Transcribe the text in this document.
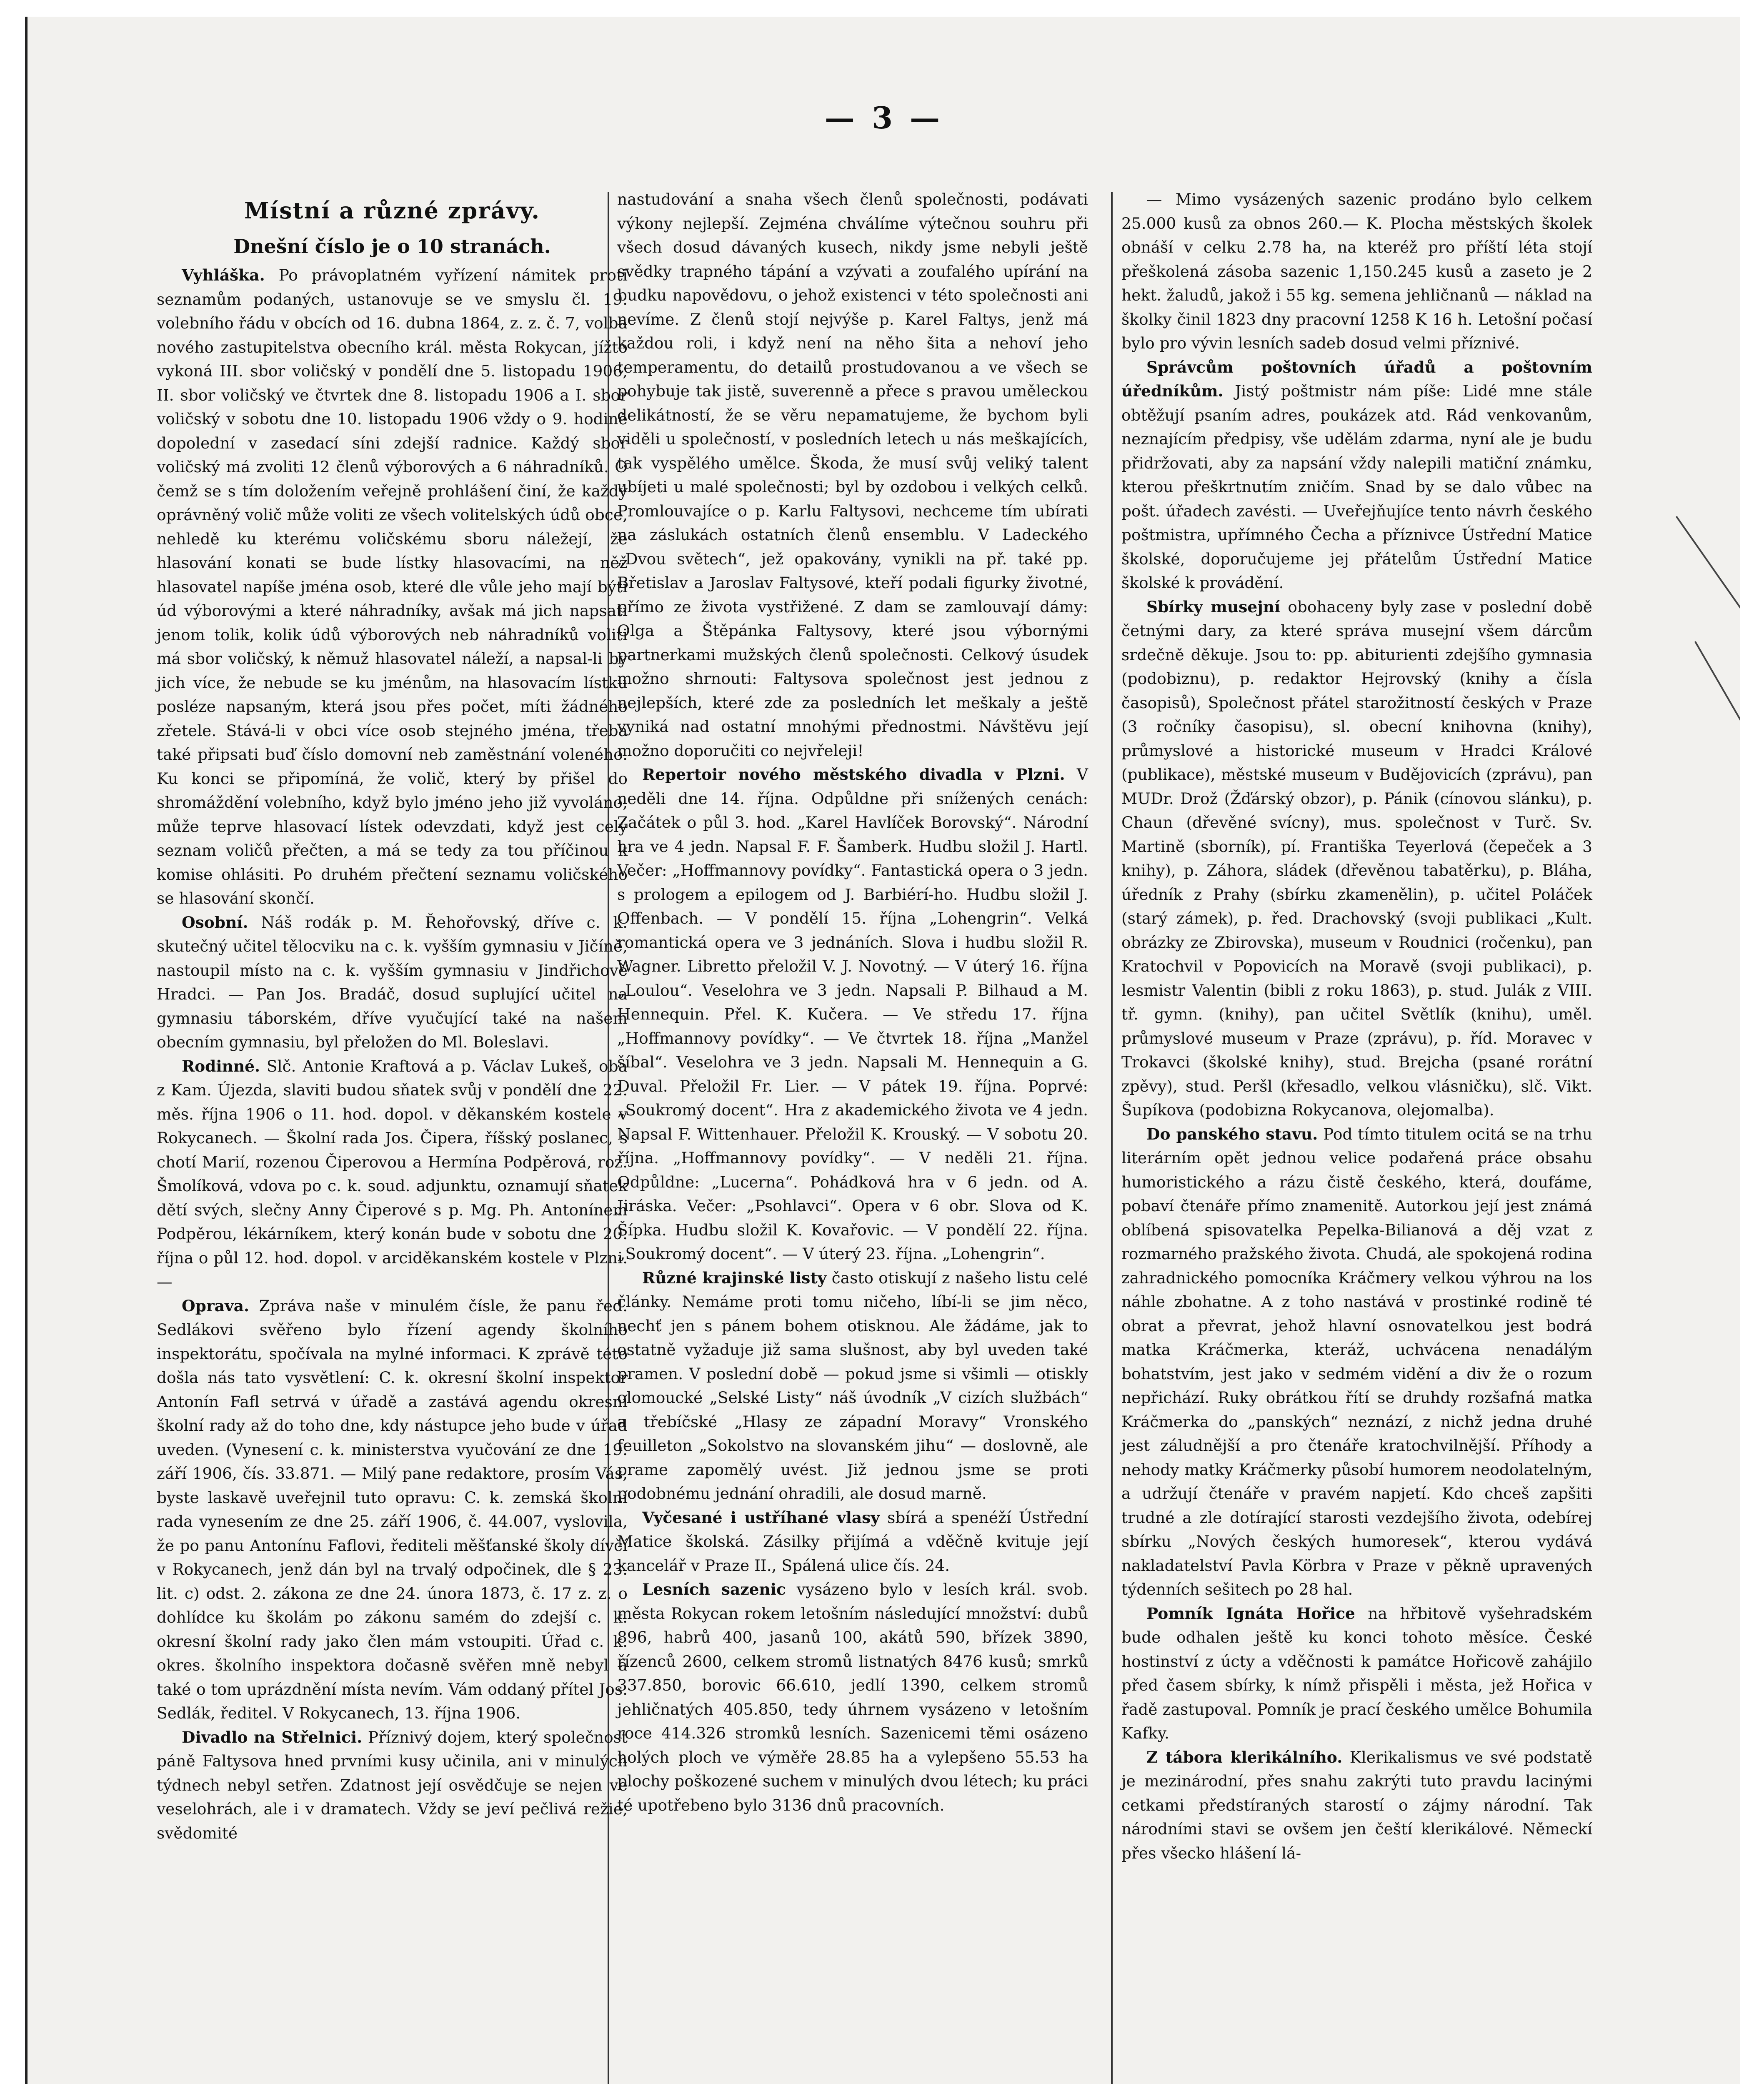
— 3 —
Místní a různé zprávy.
Dnešní číslo je o 10 stranách.

Vyhláška. Po právoplatném vyřízení námitek proti seznamům podaných, ustanovuje se ve smyslu čl. 19. volebního řádu v obcích od 16. dubna 1864, z. z. č. 7, volba nového zastupitelstva obecního král. města Rokycan, jížto vykoná III. sbor voličský v pondělí dne 5. listopadu 1906, II. sbor voličský ve čtvrtek dne 8. listopadu 1906 a I. sbor voličský v sobotu dne 10. listopadu 1906 vždy o 9. hodině dopolední v zasedací síni zdejší radnice. Každý sbor voličský má zvoliti 12 členů výborových a 6 náhradníků. O čemž se s tím doložením veřejně prohlášení činí, že každý oprávněný volič může voliti ze všech volitelských údů obce, nehledě ku kterému voličskému sboru náležejí, že hlasování konati se bude lístky hlasovacími, na něž hlasovatel napíše jména osob, které dle vůle jeho mají býti úd výborovými a které náhradníky, avšak má jich napsati jenom tolik, kolik údů výborových neb náhradníků voliti má sbor voličský, k němuž hlasovatel náleží, a napsal-li by jich více, že nebude se ku jménům, na hlasovacím lístku posléze napsaným, která jsou přes počet, míti žádného zřetele. Stává-li v obci více osob stejného jména, třeba také připsati buď číslo domovní neb zaměstnání voleného. Ku konci se připomíná, že volič, který by přišel do shromáždění volebního, když bylo jméno jeho již vyvoláno, může teprve hlasovací lístek odevzdati, když jest celý seznam voličů přečten, a má se tedy za tou příčinou k komise ohlásiti. Po druhém přečtení seznamu voličského se hlasování skončí.

Osobní. Náš rodák p. M. Řehořovský, dříve c. k. skutečný učitel tělocviku na c. k. vyšším gymnasiu v Jičíně, nastoupil místo na c. k. vyšším gymnasiu v Jindřichově Hradci. — Pan Jos. Bradáč, dosud suplující učitel na gymnasiu táborském, dříve vyučující také na našem obecním gymnasiu, byl přeložen do Ml. Boleslavi.

Rodinné. Slč. Antonie Kraftová a p. Václav Lukeš, oba z Kam. Újezda, slaviti budou sňatek svůj v pondělí dne 22. měs. října 1906 o 11. hod. dopol. v děkanském kostele v Rokycanech. — Školní rada Jos. Čipera, říšský poslanec, s chotí Marií, rozenou Čiperovou a Hermína Podpěrová, roz. Šmolíková, vdova po c. k. soud. adjunktu, oznamují sňatek dětí svých, slečny Anny Čiperové s p. Mg. Ph. Antonínem Podpěrou, lékárníkem, který konán bude v sobotu dne 20. října o půl 12. hod. dopol. v arciděkanském kostele v Plzni. —

Oprava. Zpráva naše v minulém čísle, že panu řed. Sedlákovi svěřeno bylo řízení agendy školního inspektorátu, spočívala na mylné informaci. K zprávě této došla nás tato vysvětlení: C. k. okresní školní inspektor Antonín Fafl setrvá v úřadě a zastává agendu okresní školní rady až do toho dne, kdy nástupce jeho bude v úřad uveden. (Vynesení c. k. ministerstva vyučování ze dne 19. září 1906, čís. 33.871. — Milý pane redaktore, prosím Vás, byste laskavě uveřejnil tuto opravu: C. k. zemská školní rada vynesením ze dne 25. září 1906, č. 44.007, vyslovila, že po panu Antonínu Faflovi, řediteli měšťanské školy dívčí v Rokycanech, jenž dán byl na trvalý odpočinek, dle § 23. lit. c) odst. 2. zákona ze dne 24. února 1873, č. 17 z. z. o dohlídce ku školám po zákonu samém do zdejší c. k. okresní školní rady jako člen mám vstoupiti. Úřad c. k. okres. školního inspektora dočasně svěřen mně nebyl a také o tom uprázdnění místa nevím. Vám oddaný přítel Jos. Sedlák, ředitel. V Rokycanech, 13. října 1906.

Divadlo na Střelnici. Příznivý dojem, který společnost páně Faltysova hned prvními kusy učinila, ani v minulých týdnech nebyl setřen. Zdatnost její osvědčuje se nejen ve veselohrách, ale i v dramatech. Vždy se jeví pečlivá režie, svědomité

nastudování a snaha všech členů společnosti, podávati výkony nejlepší. Zejména chválíme výtečnou souhru při všech dosud dávaných kusech, nikdy jsme nebyli ještě svědky trapného tápání a vzývati a zoufalého upírání na budku napovědovu, o jehož existenci v této společnosti ani nevíme. Z členů stojí nejvýše p. Karel Faltys, jenž má každou roli, i když není na něho šita a nehoví jeho temperamentu, do detailů prostudovanou a ve všech se pohybuje tak jistě, suverenně a přece s pravou uměleckou delikátností, že se věru nepamatujeme, že bychom byli viděli u společností, v posledních letech u nás meškajících, tak vyspělého umělce. Škoda, že musí svůj veliký talent ubíjeti u malé společnosti; byl by ozdobou i velkých celků. Promlouvajíce o p. Karlu Faltysovi, nechceme tím ubírati na záslukách ostatních členů ensemblu. V Ladeckého „Dvou světech“, jež opakovány, vynikli na př. také pp. Břetislav a Jaroslav Faltysové, kteří podali figurky životné, přímo ze života vystřižené. Z dam se zamlouvají dámy: Olga a Štěpánka Faltysovy, které jsou výbornými partnerkami mužských členů společnosti. Celkový úsudek možno shrnouti: Faltysova společnost jest jednou z nejlepších, které zde za posledních let meškaly a ještě vyniká nad ostatní mnohými přednostmi. Návštěvu její možno doporučiti co nejvřeleji!

Repertoir nového městského divadla v Plzni. V neděli dne 14. října. Odpůldne při snížených cenách: Začátek o půl 3. hod. „Karel Havlíček Borovský“. Národní hra ve 4 jedn. Napsal F. F. Šamberk. Hudbu složil J. Hartl. Večer: „Hoffmannovy povídky“. Fantastická opera o 3 jedn. s prologem a epilogem od J. Barbiérí-ho. Hudbu složil J. Offenbach. — V pondělí 15. října „Lohengrin“. Velká romantická opera ve 3 jednáních. Slova i hudbu složil R. Wagner. Libretto přeložil V. J. Novotný. — V úterý 16. října „Loulou“. Veselohra ve 3 jedn. Napsali P. Bilhaud a M. Hennequin. Přel. K. Kučera. — Ve středu 17. října „Hoffmannovy povídky“. — Ve čtvrtek 18. října „Manžel šíbal“. Veselohra ve 3 jedn. Napsali M. Hennequin a G. Duval. Přeložil Fr. Lier. — V pátek 19. října. Poprvé: „Soukromý docent“. Hra z akademického života ve 4 jedn. Napsal F. Wittenhauer. Přeložil K. Krouský. — V sobotu 20. října. „Hoffmannovy povídky“. — V neděli 21. října. Odpůldne: „Lucerna“. Pohádková hra v 6 jedn. od A. Jiráska. Večer: „Psohlavci“. Opera v 6 obr. Slova od K. Šípka. Hudbu složil K. Kovařovic. — V pondělí 22. října. „Soukromý docent“. — V úterý 23. října. „Lohengrin“.

Různé krajinské listy často otiskují z našeho listu celé články. Nemáme proti tomu ničeho, líbí-li se jim něco, nechť jen s pánem bohem otisknou. Ale žádáme, jak to ostatně vyžaduje již sama slušnost, aby byl uveden také pramen. V poslední době — pokud jsme si všimli — otiskly olomoucké „Selské Listy“ náš úvodník „V cizích službách“ a třebíčské „Hlasy ze západní Moravy“ Vronského feuilleton „Sokolstvo na slovanském jihu“ — doslovně, ale prame zapomělý uvést. Již jednou jsme se proti podobnému jednání ohradili, ale dosud marně.

Vyčesané i ustříhané vlasy sbírá a spenéží Ústřední Matice školská. Zásilky přijímá a vděčně kvituje její kancelář v Praze II., Spálená ulice čís. 24.

Lesních sazenic vysázeno bylo v lesích král. svob. města Rokycan rokem letošním následující množství: dubů 896, habrů 400, jasanů 100, akátů 590, břízek 3890, řízenců 2600, celkem stromů listnatých 8476 kusů; smrků 337.850, borovic 66.610, jedlí 1390, celkem stromů jehličnatých 405.850, tedy úhrnem vysázeno v letošním roce 414.326 stromků lesních. Sazenicemi těmi osázeno holých ploch ve výměře 28.85 ha a vylepšeno 55.53 ha plochy poškozené suchem v minulých dvou létech; ku práci té upotřebeno bylo 3136 dnů pracovních.

— Mimo vysázených sazenic prodáno bylo celkem 25.000 kusů za obnos 260.— K. Plocha městských školek obnáší v celku 2.78 ha, na kteréž pro příští léta stojí přeškolená zásoba sazenic 1,150.245 kusů a zaseto je 2 hekt. žaludů, jakož i 55 kg. semena jehličnanů — náklad na školky činil 1823 dny pracovní 1258 K 16 h. Letošní počasí bylo pro vývin lesních sadeb dosud velmi příznivé.

Správcům poštovních úřadů a poštovním úředníkům. Jistý poštmistr nám píše: Lidé mne stále obtěžují psaním adres, poukázek atd. Rád venkovanům, neznajícím předpisy, vše udělám zdarma, nyní ale je budu přidržovati, aby za napsání vždy nalepili matiční známku, kterou přeškrtnutím zničím. Snad by se dalo vůbec na pošt. úřadech zavésti. — Uveřejňujíce tento návrh českého poštmistra, upřímného Čecha a příznivce Ústřední Matice školské, doporučujeme jej přátelům Ústřední Matice školské k provádění.

Sbírky musejní obohaceny byly zase v poslední době četnými dary, za které správa musejní všem dárcům srdečně děkuje. Jsou to: pp. abiturienti zdejšího gymnasia (podobiznu), p. redaktor Hejrovský (knihy a čísla časopisů), Společnost přátel starožitností českých v Praze (3 ročníky časopisu), sl. obecní knihovna (knihy), průmyslové a historické museum v Hradci Králové (publikace), městské museum v Budějovicích (zprávu), pan MUDr. Drož (Žďárský obzor), p. Pánik (cínovou slánku), p. Chaun (dřevěné svícny), mus. společnost v Turč. Sv. Martině (sborník), pí. Františka Teyerlová (čepeček a 3 knihy), p. Záhora, sládek (dřevěnou tabatěrku), p. Bláha, úředník z Prahy (sbírku zkamenělin), p. učitel Poláček (starý zámek), p. řed. Drachovský (svoji publikaci „Kult. obrázky ze Zbirovska), museum v Roudnici (ročenku), pan Kratochvil v Popovicích na Moravě (svoji publikaci), p. lesmistr Valentin (bibli z roku 1863), p. stud. Julák z VIII. tř. gymn. (knihy), pan učitel Světlík (knihu), uměl. průmyslové museum v Praze (zprávu), p. říd. Moravec v Trokavci (školské knihy), stud. Brejcha (psané rorátní zpěvy), stud. Peršl (křesadlo, velkou vlásničku), slč. Vikt. Šupíkova (podobizna Rokycanova, olejomalba).

Do panského stavu. Pod tímto titulem ocitá se na trhu literárním opět jednou velice podařená práce obsahu humoristického a rázu čistě českého, která, doufáme, pobaví čtenáře přímo znamenitě. Autorkou její jest známá oblíbená spisovatelka Pepelka-Bilianová a děj vzat z rozmarného pražského života. Chudá, ale spokojená rodina zahradnického pomocníka Kráčmery velkou výhrou na los náhle zbohatne. A z toho nastává v prostinké rodině té obrat a převrat, jehož hlavní osnovatelkou jest bodrá matka Kráčmerka, kteráž, uchvácena nenadálým bohatstvím, jest jako v sedmém vidění a div že o rozum nepřichází. Ruky obrátkou řítí se druhdy rozšafná matka Kráčmerka do „panských“ neznází, z nichž jedna druhé jest záludnější a pro čtenáře kratochvilnější. Příhody a nehody matky Kráčmerky působí humorem neodolatelným, a udržují čtenáře v pravém napjetí. Kdo chceš zapšiti trudné a zle dotírající starosti vezdejšího života, odebírej sbírku „Nových českých humoresek“, kterou vydává nakladatelství Pavla Körbra v Praze v pěkně upravených týdenních sešitech po 28 hal.

Pomník Ignáta Hořice na hřbitově vyšehradském bude odhalen ještě ku konci tohoto měsíce. České hostinství z úcty a vděčnosti k památce Hořicově zahájilo před časem sbírky, k nímž přispěli i města, jež Hořica v řadě zastupoval. Pomník je prací českého umělce Bohumila Kafky.

Z tábora klerikálního. Klerikalismus ve své podstatě je mezinárodní, přes snahu zakrýti tuto pravdu lacinými cetkami předstíraných starostí o zájmy národní. Tak národními stavi se ovšem jen čeští klerikálové. Německí přes všecko hlášení lá-
